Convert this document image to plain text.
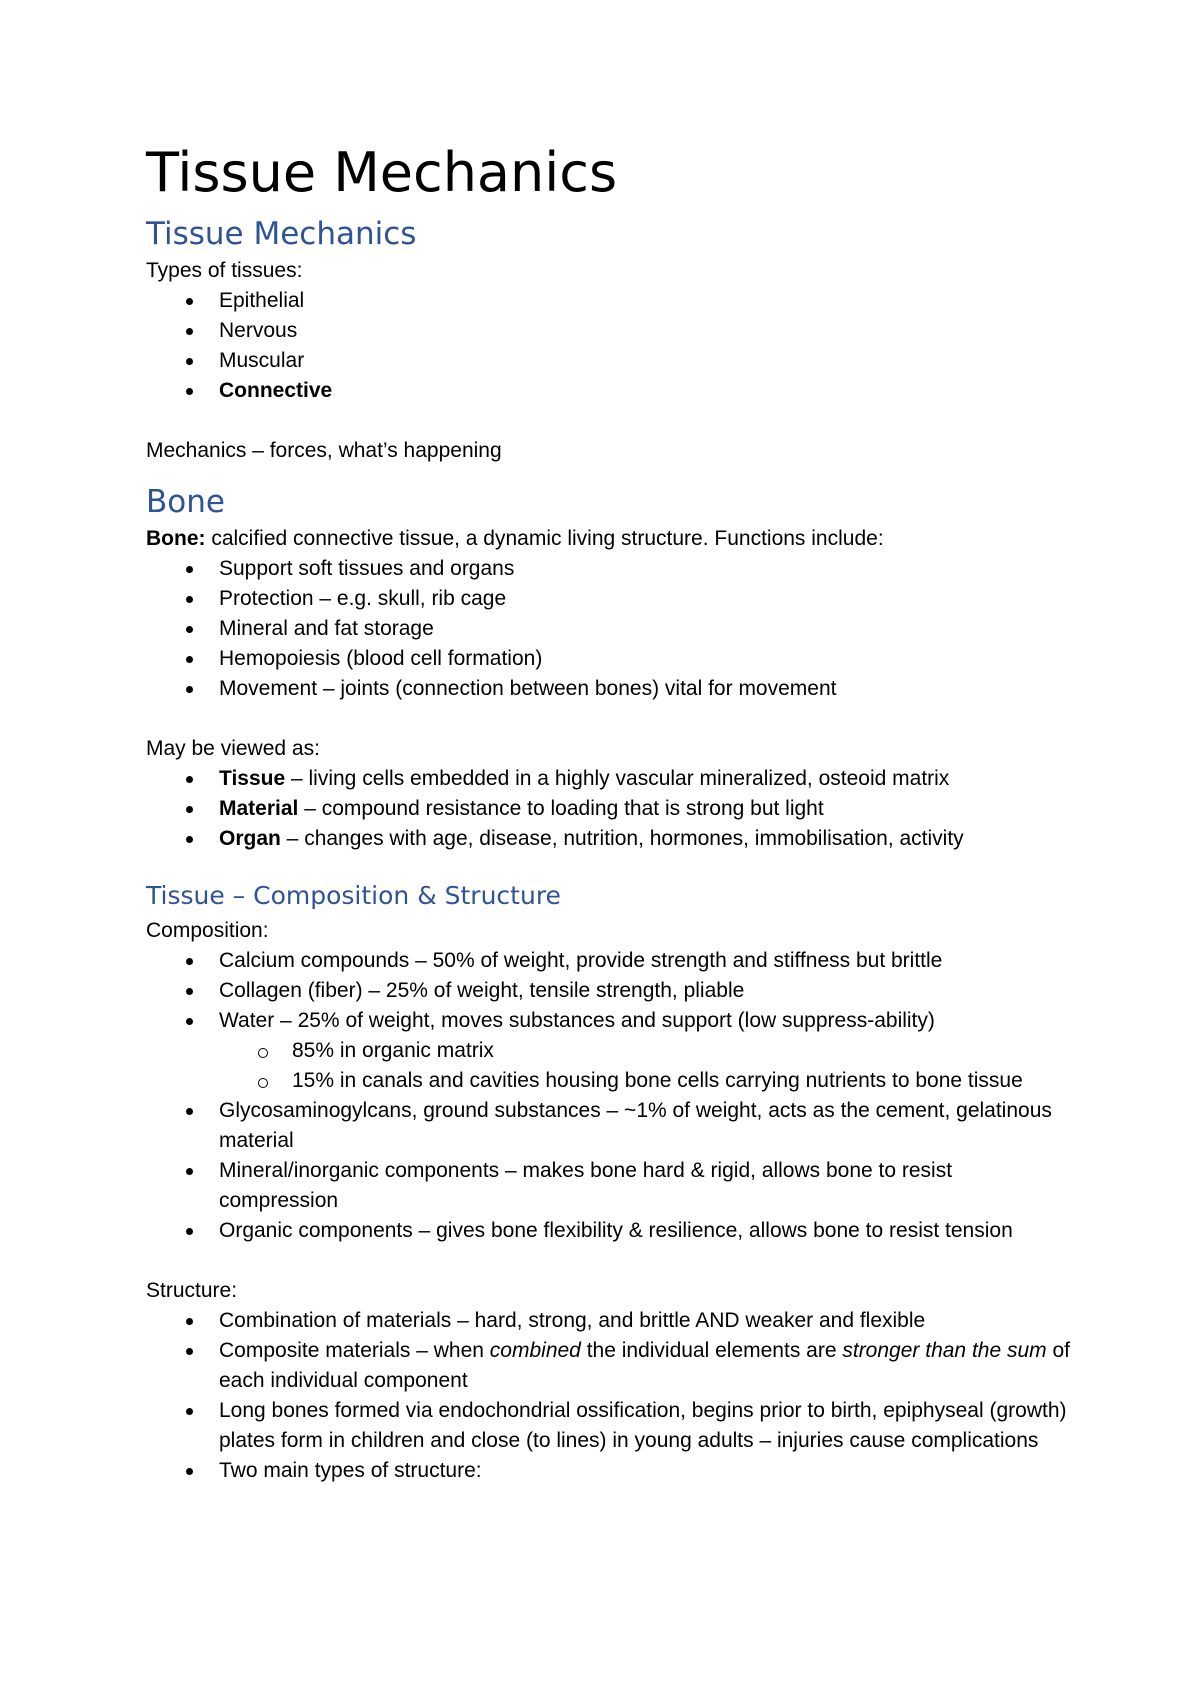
Tissue Mechanics
Tissue Mechanics

Types of tissues:

Epithelial
Nervous
Muscular
Connective

Mechanics – forces, what’s happening

Bone

Bone: calcified connective tissue, a dynamic living structure. Functions include:

Support soft tissues and organs
Protection – e.g. skull, rib cage
Mineral and fat storage
Hemopoiesis (blood cell formation)
Movement – joints (connection between bones) vital for movement

May be viewed as:

Tissue – living cells embedded in a highly vascular mineralized, osteoid matrix
Material – compound resistance to loading that is strong but light
Organ – changes with age, disease, nutrition, hormones, immobilisation, activity
Tissue – Composition & Structure

Composition:

Calcium compounds – 50% of weight, provide strength and stiffness but brittle
Collagen (fiber) – 25% of weight, tensile strength, pliable
Water – 25% of weight, moves substances and support (low suppress-ability)
85% in organic matrix
15% in canals and cavities housing bone cells carrying nutrients to bone tissue
Glycosaminogylcans, ground substances – ~1% of weight, acts as the cement, gelatinous material
Mineral/inorganic components – makes bone hard & rigid, allows bone to resist compression
Organic components – gives bone flexibility & resilience, allows bone to resist tension

Structure:

Combination of materials – hard, strong, and brittle AND weaker and flexible
Composite materials – when combined the individual elements are stronger than the sum of each individual component
Long bones formed via endochondrial ossification, begins prior to birth, epiphyseal (growth) plates form in children and close (to lines) in young adults – injuries cause complications
Two main types of structure:
